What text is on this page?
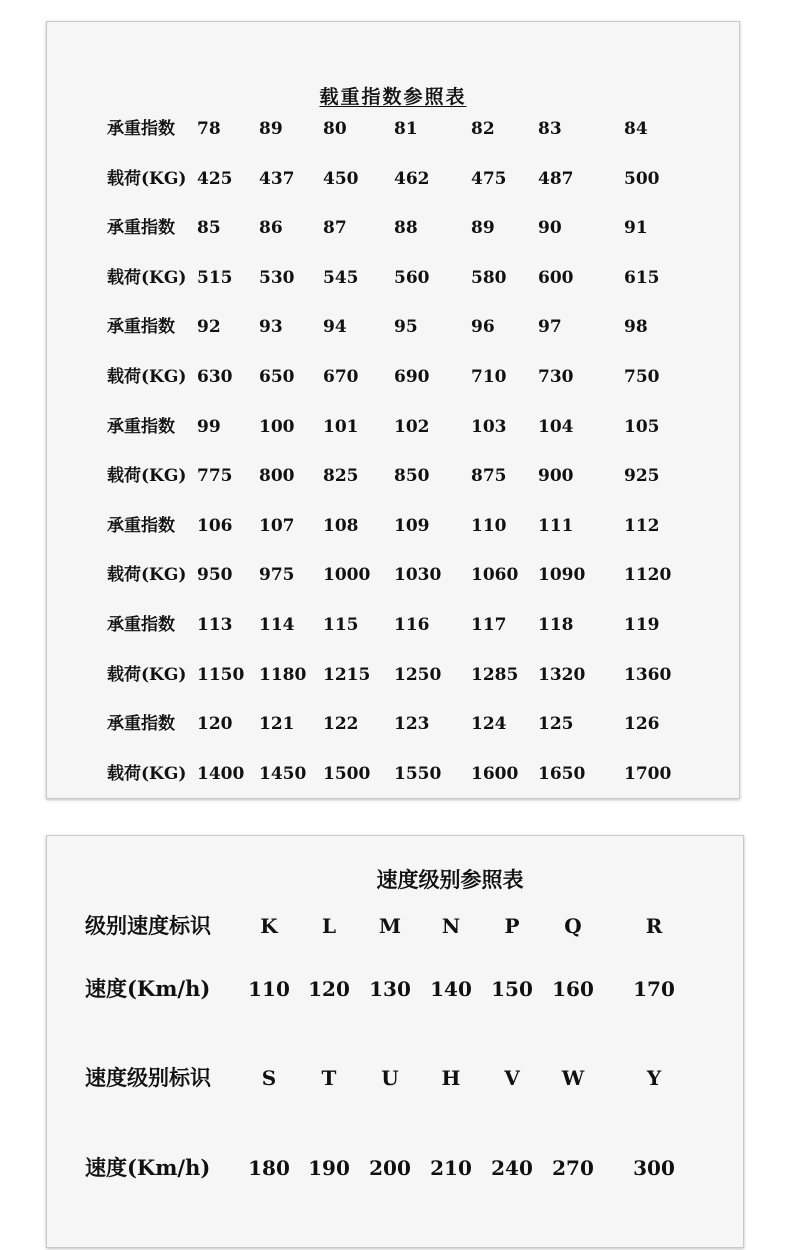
载重指数参照表
承重指数 78 89 80	81	82	83	84
载荷(KG) 425 437 450 462 475 487	500
承重指数 85 86 87	88	89	90	91
载荷(KG) 515 530 545 560 580 600	615
承重指数 92 93 94	95	96	97	98
载荷(KG) 630 650 670 690 710 730	750
承重指数 99 100 101 102 103 104	105
载荷(KG) 775 800 825 850 875 900	925
承重指数 106 107 108 109 110 111	112
载荷(KG) 950 975 1000 1030 1060 1090 1120
承重指数 113 114 115 116 117 118	119
载荷(KG) 1150 1180 1215 1250 1285 1320 1360
承重指数 120 121 122 123 124 125	126
载荷(KG) 1400 1450 1500 1550 1600 1650 1700
速度级别参照表
级别速度标识	K	L	M	N	P	Q	R
速度(Km/h)	110 120 130 140 150 160	170
速度级别标识	S	T	U	H	V	W	Y
速度(Km/h)	180 190 200 210 240 270	300
